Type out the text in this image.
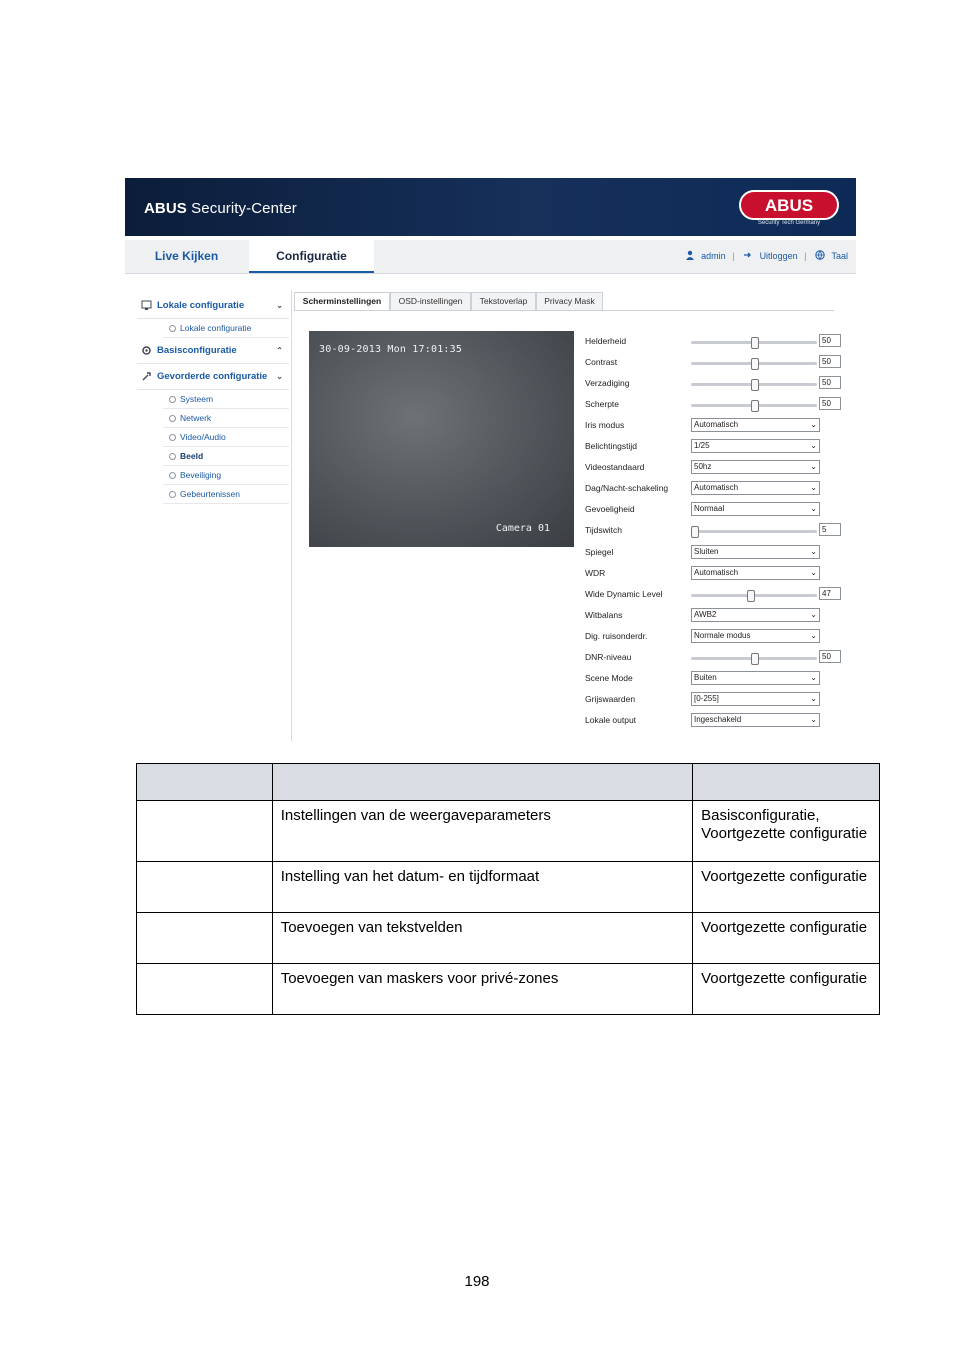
ABUS Security-Center	ABUS
Security Tech Germany
Live Kijken	Configuratie	admin |	Uitloggen |	Taal
Lokale configuratie	⌄
Lokale configuratie
Basisconfiguratie	⌃
Gevorderde configuratie ⌄
Systeem
Netwerk
Video/Audio
Beeld
Beveiliging
Gebeurtenissen
Scherminstellingen	OSD-instellingen	Tekstoverlap	Privacy Mask
30-09-2013 Mon 17:01:35
Camera 01
Helderheid	50
Contrast	50
Verzadiging	50
Scherpte	50
Iris modus	Automatisch	⌄
Belichtingstijd	1/25	⌄
Videostandaard	50hz	⌄
Dag/Nacht-schakeling	Automatisch	⌄
Gevoeligheid	Normaal	⌄
Tijdswitch	5
Spiegel	Sluiten	⌄
WDR	Automatisch	⌄
Wide Dynamic Level	47
Witbalans	AWB2	⌄
Dig. ruisonderdr.	Normale modus	⌄
DNR-niveau	50
Scene Mode	Buiten	⌄
Grijswaarden	[0-255]	⌄
Lokale output	Ingeschakeld	⌄

	Instellingen van de weergaveparameters	Basisconfiguratie, Voortgezette configuratie
	Instelling van het datum- en tijdformaat	Voortgezette configuratie
	Toevoegen van tekstvelden	Voortgezette configuratie
	Toevoegen van maskers voor privé-zones	Voortgezette configuratie
198
